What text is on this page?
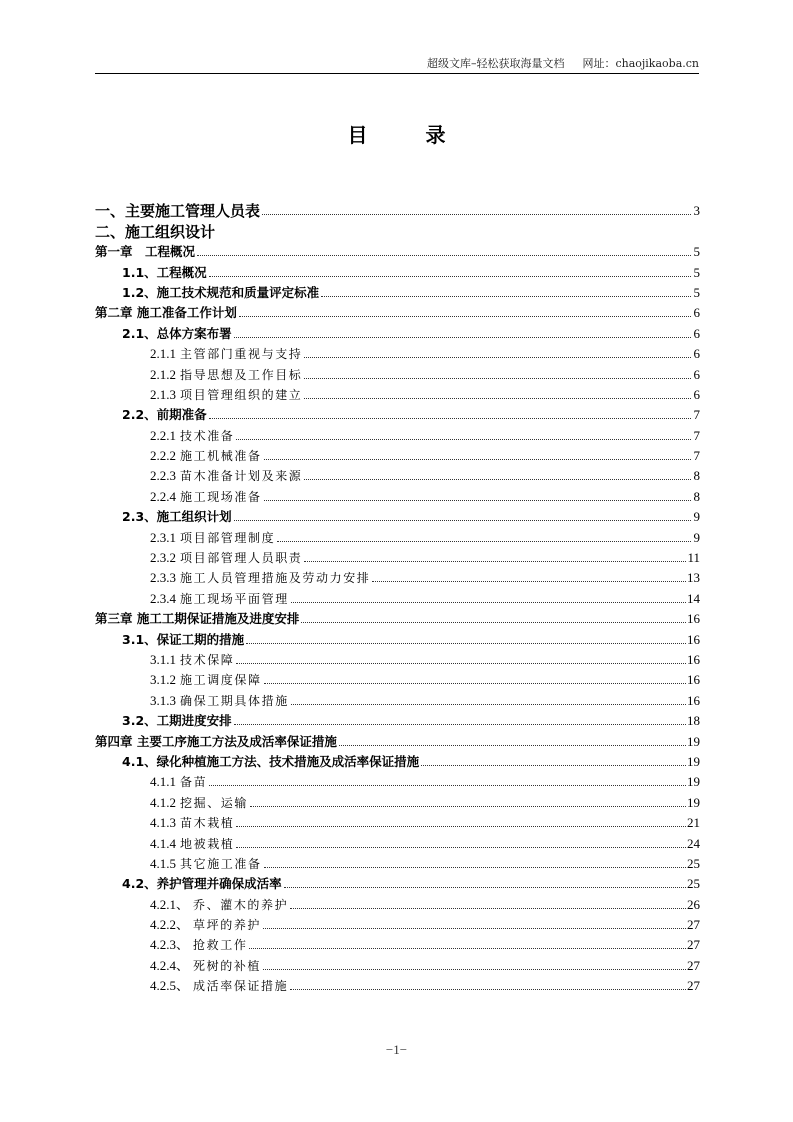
超级文库–轻松获取海量文档 网址：chaojikaoba.cn
目	录
一、主要施工管理人员表	3
二、施工组织设计
第一章　工程概况	5
1.1、工程概况	5
1.2、施工技术规范和质量评定标准	5
第二章 施工准备工作计划	6
2.1、总体方案布署	6
2.1.1 主管部门重视与支持	6
2.1.2 指导思想及工作目标	6
2.1.3 项目管理组织的建立	6
2.2、前期准备	7
2.2.1 技术准备	7
2.2.2 施工机械准备	7
2.2.3 苗木准备计划及来源	8
2.2.4 施工现场准备	8
2.3、施工组织计划	9
2.3.1 项目部管理制度	9
2.3.2 项目部管理人员职责	11
2.3.3 施工人员管理措施及劳动力安排	13
2.3.4 施工现场平面管理	14
第三章 施工工期保证措施及进度安排	16
3.1、保证工期的措施	16
3.1.1 技术保障	16
3.1.2 施工调度保障	16
3.1.3 确保工期具体措施	16
3.2、工期进度安排	18
第四章 主要工序施工方法及成活率保证措施	19
4.1、绿化种植施工方法、技术措施及成活率保证措施	19
4.1.1 备苗	19
4.1.2 挖掘、运输	19
4.1.3 苗木栽植	21
4.1.4 地被栽植	24
4.1.5 其它施工准备	25
4.2、养护管理并确保成活率	25
4.2.1、 乔、灌木的养护	26
4.2.2、 草坪的养护	27
4.2.3、 抢救工作	27
4.2.4、 死树的补植	27
4.2.5、 成活率保证措施	27
−1−
